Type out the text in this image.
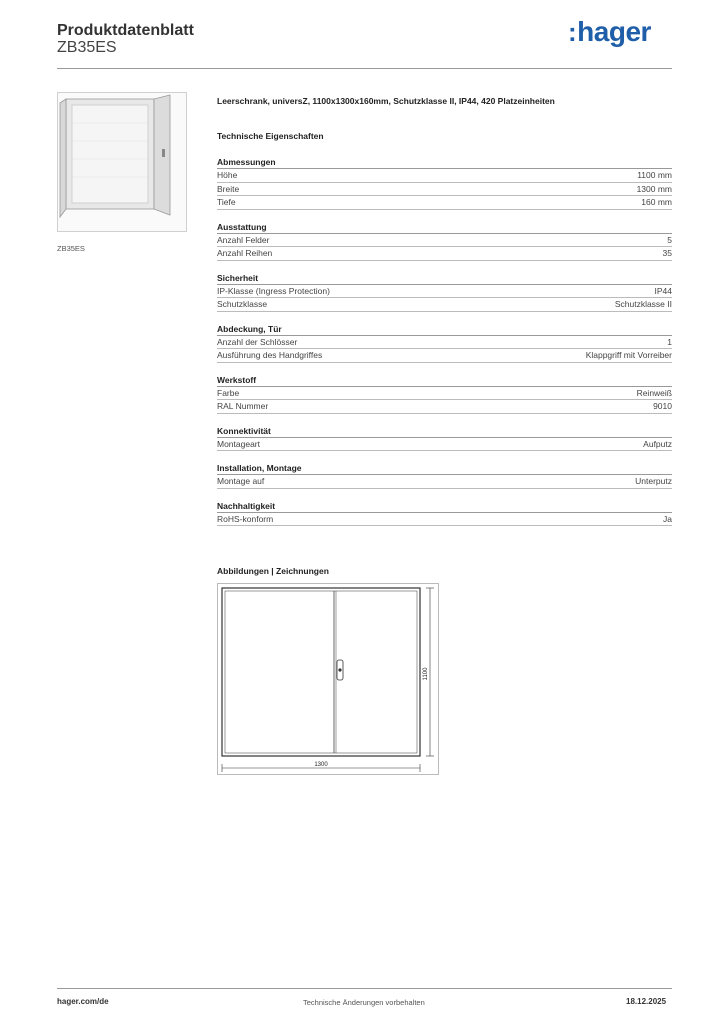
Produktdatenblatt
ZB35ES
:hager
ZB35ES
Leerschrank, universZ, 1100x1300x160mm, Schutzklasse II, IP44, 420 Platzeinheiten
Technische Eigenschaften
Abmessungen
Höhe	1100 mm
Breite	1300 mm
Tiefe	160 mm
Ausstattung
Anzahl Felder	5
Anzahl Reihen	35
Sicherheit
IP-Klasse (Ingress Protection)	IP44
Schutzklasse	Schutzklasse II
Abdeckung, Tür
Anzahl der Schlösser	1
Ausführung des Handgriffes	Klappgriff mit Vorreiber
Werkstoff
Farbe	Reinweiß
RAL Nummer	9010
Konnektivität
Montageart	Aufputz
Installation, Montage
Montage auf	Unterputz
Nachhaltigkeit
RoHS-konform	Ja
Abbildungen | Zeichnungen
1100
1300
hager.com/de	Technische Änderungen vorbehalten	18.12.2025
